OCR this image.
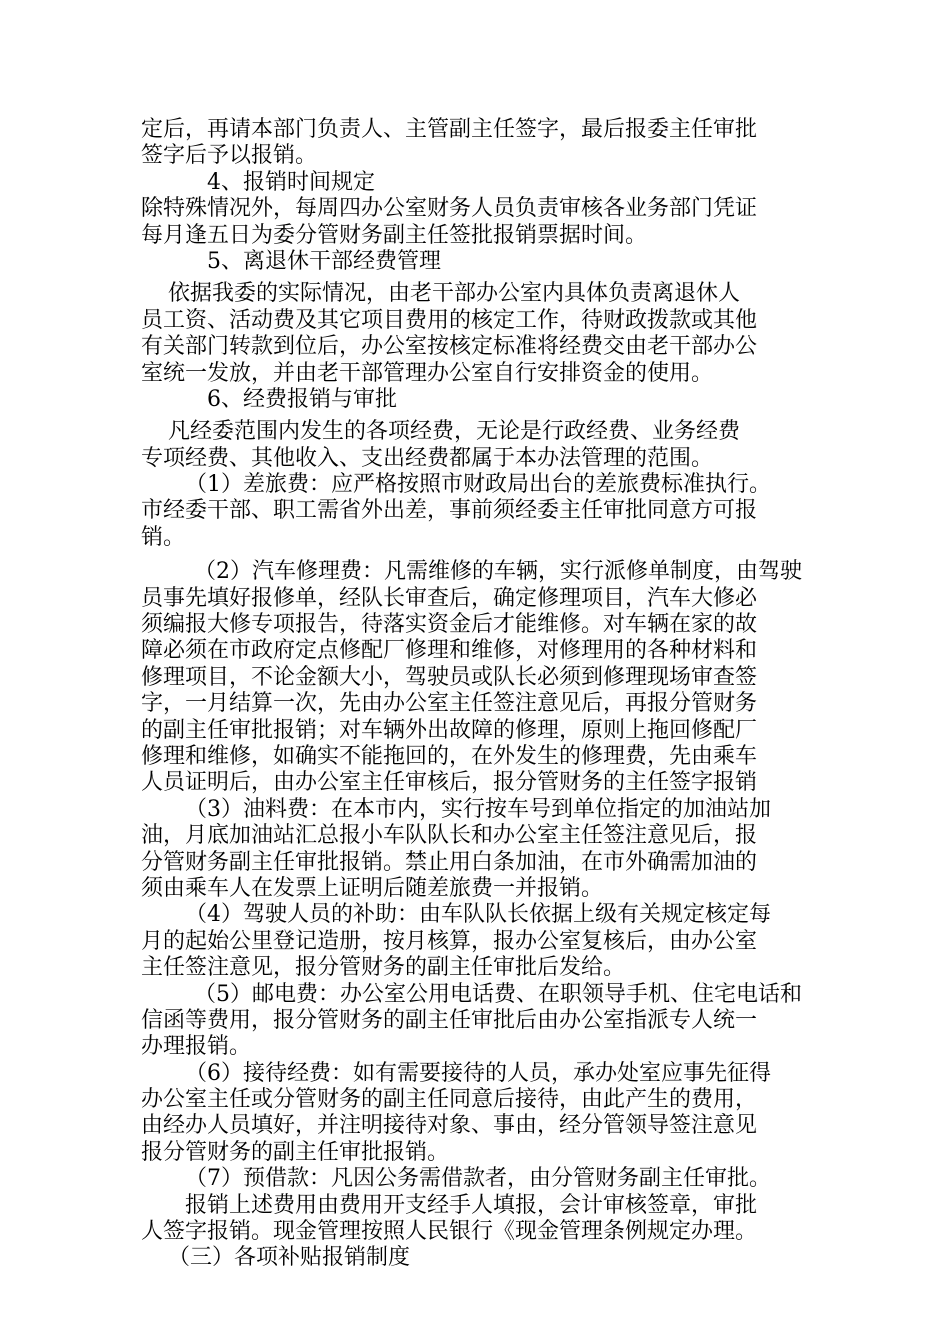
定后，再请本部门负责人、主管副主任签字，最后报委主任审批
签字后予以报销。
4、报销时间规定
除特殊情况外，每周四办公室财务人员负责审核各业务部门凭证
每月逢五日为委分管财务副主任签批报销票据时间。
5、离退休干部经费管理
依据我委的实际情况，由老干部办公室内具体负责离退休人
员工资、活动费及其它项目费用的核定工作，待财政拨款或其他
有关部门转款到位后，办公室按核定标准将经费交由老干部办公
室统一发放，并由老干部管理办公室自行安排资金的使用。
6、经费报销与审批
凡经委范围内发生的各项经费，无论是行政经费、业务经费
专项经费、其他收入、支出经费都属于本办法管理的范围。
（1）差旅费：应严格按照市财政局出台的差旅费标准执行。
市经委干部、职工需省外出差，事前须经委主任审批同意方可报
销。
（2）汽车修理费：凡需维修的车辆，实行派修单制度，由驾驶
员事先填好报修单，经队长审查后，确定修理项目，汽车大修必
须编报大修专项报告，待落实资金后才能维修。对车辆在家的故
障必须在市政府定点修配厂修理和维修，对修理用的各种材料和
修理项目，不论金额大小，驾驶员或队长必须到修理现场审查签
字，一月结算一次，先由办公室主任签注意见后，再报分管财务
的副主任审批报销；对车辆外出故障的修理，原则上拖回修配厂
修理和维修，如确实不能拖回的，在外发生的修理费，先由乘车
人员证明后，由办公室主任审核后，报分管财务的主任签字报销
（3）油料费：在本市内，实行按车号到单位指定的加油站加
油，月底加油站汇总报小车队队长和办公室主任签注意见后，报
分管财务副主任审批报销。禁止用白条加油，在市外确需加油的
须由乘车人在发票上证明后随差旅费一并报销。
（4）驾驶人员的补助：由车队队长依据上级有关规定核定每
月的起始公里登记造册，按月核算，报办公室复核后，由办公室
主任签注意见，报分管财务的副主任审批后发给。
（5）邮电费：办公室公用电话费、在职领导手机、住宅电话和
信函等费用，报分管财务的副主任审批后由办公室指派专人统一
办理报销。
（6）接待经费：如有需要接待的人员，承办处室应事先征得
办公室主任或分管财务的副主任同意后接待，由此产生的费用，
由经办人员填好，并注明接待对象、事由，经分管领导签注意见
报分管财务的副主任审批报销。
（7）预借款：凡因公务需借款者，由分管财务副主任审批。
报销上述费用由费用开支经手人填报，会计审核签章，审批
人签字报销。现金管理按照人民银行《现金管理条例规定办理。
（三）各项补贴报销制度
